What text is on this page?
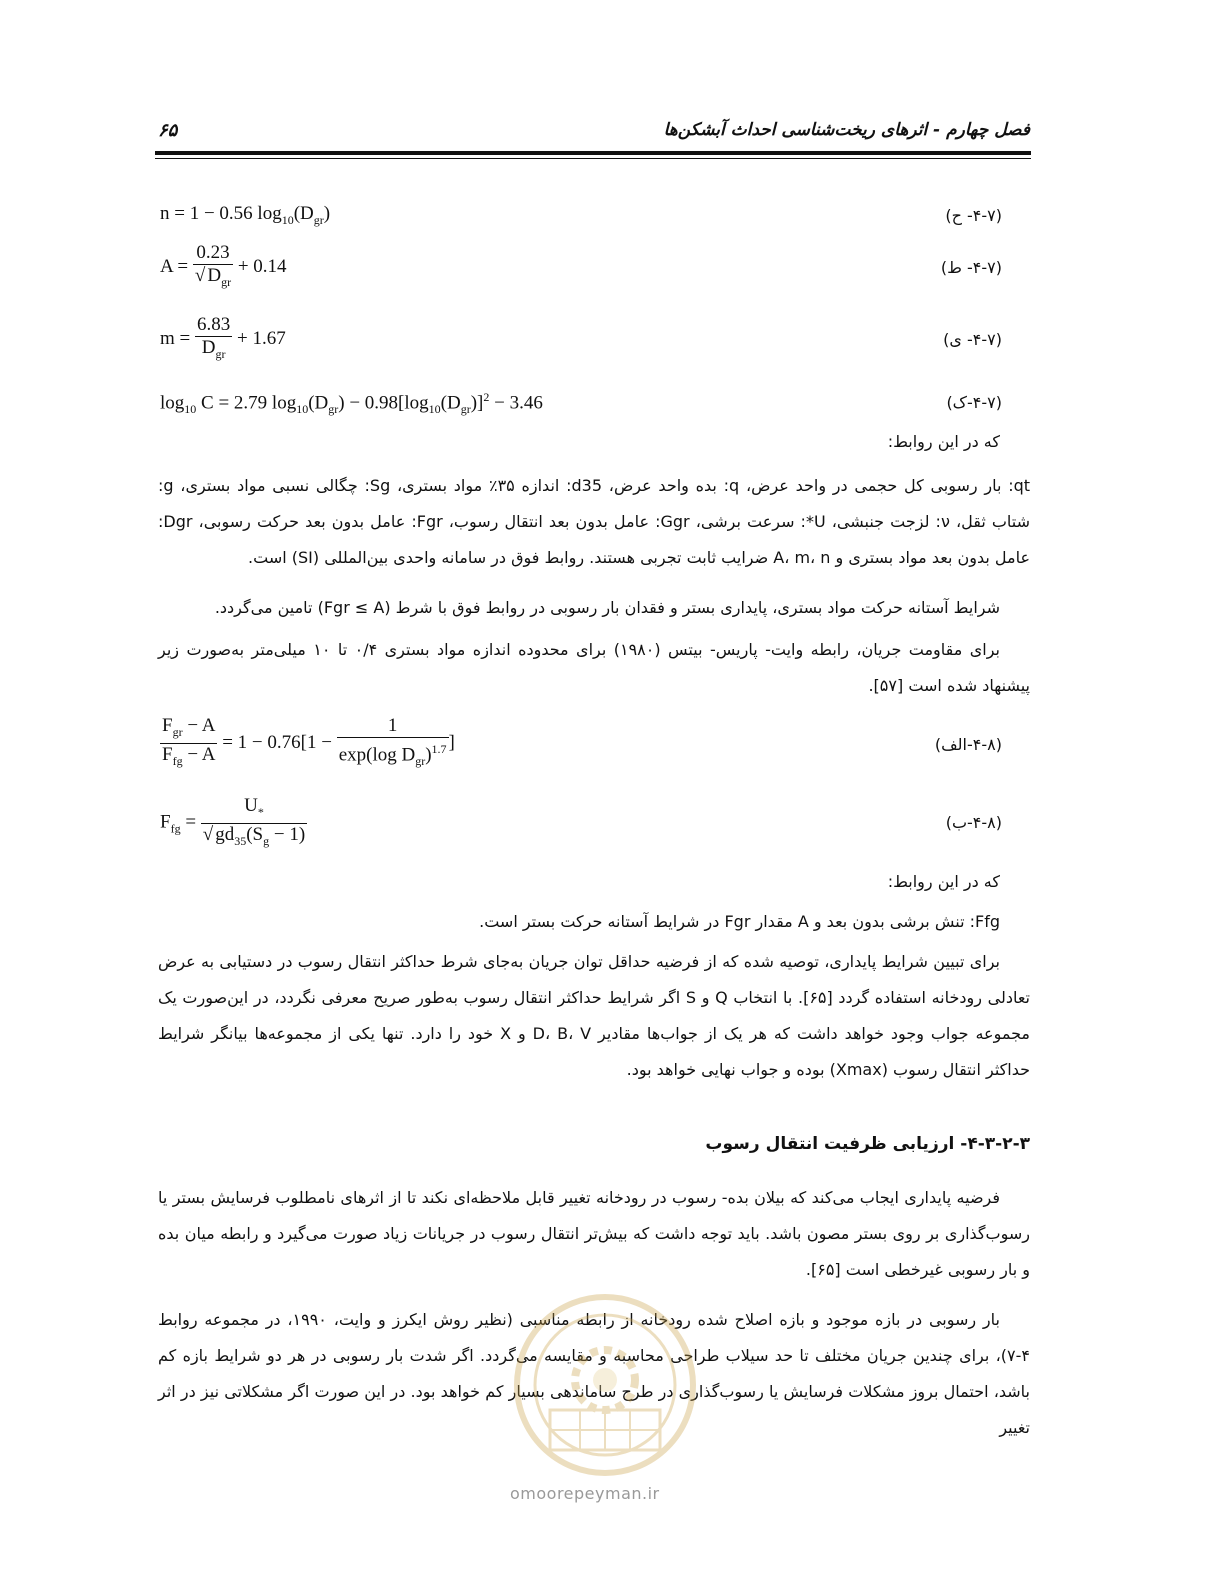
فصل چهارم - اثرهای ریخت‌شناسی احداث آبشکن‌ها
۶۵
n = 1 − 0.56 $\log_{10}(D_{gr})$	(۴-۷- ح)
$A = \frac{0.23}{√ D_{gr}} + 0.14$	(۴-۷- ط)
$m = \frac{6.83}{D_{gr}} + 1.67$	(۴-۷- ی)
$\log_{10} C = 2.79$ $\log_{10}(D_{gr}) - 0.98[\log_{10}(D_{gr})]^2 - 3.46$	(۴-۷-ک)

که در این روابط:

qt: بار رسوبی کل حجمی در واحد عرض، q: بده واحد عرض، d35: اندازه ۳۵٪ مواد بستری، Sg: چگالی نسبی مواد بستری، g: شتاب ثقل، ν: لزجت جنبشی، U*: سرعت برشی، Ggr: عامل بدون بعد انتقال رسوب، Fgr: عامل بدون بعد حرکت رسوبی، Dgr: عامل بدون بعد مواد بستری و A، m، n ضرایب ثابت تجربی هستند. روابط فوق در سامانه واحدی بین‌المللی (SI) است.

شرایط آستانه حرکت مواد بستری، پایداری بستر و فقدان بار رسوبی در روابط فوق با شرط (Fgr ≤ A) تامین می‌گردد.

برای مقاومت جریان، رابطه وایت- پاریس- بیتس (۱۹۸۰) برای محدوده اندازه مواد بستری ۰/۴ تا ۱۰ میلی‌متر به‌صورت زیر پیشنهاد شده است [۵۷].

$\frac{F_{gr} - A}{F_{fg} - A} = 1 - 0.76[1 - \frac{1}{\exp(\log D_{gr})^{1.7}}$ ]	(۴-۸-الف)
$F_{fg} = \frac{U_*}{√ gd_{35}(S_g - 1)}$	(۴-۸-ب)

که در این روابط:

Ffg: تنش برشی بدون بعد و A مقدار Fgr در شرایط آستانه حرکت بستر است.

برای تبیین شرایط پایداری، توصیه شده که از فرضیه حداقل توان جریان به‌جای شرط حداکثر انتقال رسوب در دستیابی به عرض تعادلی رودخانه استفاده گردد [۶۵]. با انتخاب Q و S اگر شرایط حداکثر انتقال رسوب به‌طور صریح معرفی نگردد، در این‌صورت یک مجموعه جواب وجود خواهد داشت که هر یک از جواب‌ها مقادیر D، B، V و X خود را دارد. تنها یکی از مجموعه‌ها بیانگر شرایط حداکثر انتقال رسوب (Xmax) بوده و جواب نهایی خواهد بود.

۴-۳-۲-۳- ارزیابی ظرفیت انتقال رسوب

فرضیه پایداری ایجاب می‌کند که بیلان بده- رسوب در رودخانه تغییر قابل ملاحظه‌ای نکند تا از اثرهای نامطلوب فرسایش بستر یا رسوب‌گذاری بر روی بستر مصون باشد. باید توجه داشت که بیش‌تر انتقال رسوب در جریانات زیاد صورت می‌گیرد و رابطه میان بده و بار رسوبی غیرخطی است [۶۵].

بار رسوبی در بازه موجود و بازه اصلاح شده رودخانه از رابطه مناسبی (نظیر روش ایکرز و وایت، ۱۹۹۰، در مجموعه روابط ۴-۷)، برای چندین جریان مختلف تا حد سیلاب طراحی محاسبه و مقایسه می‌گردد. اگر شدت بار رسوبی در هر دو شرایط بازه کم باشد، احتمال بروز مشکلات فرسایش یا رسوب‌گذاری در طرح ساماندهی بسیار کم خواهد بود. در این صورت اگر مشکلاتی نیز در اثر تغییر

omoorepeyman.ir
